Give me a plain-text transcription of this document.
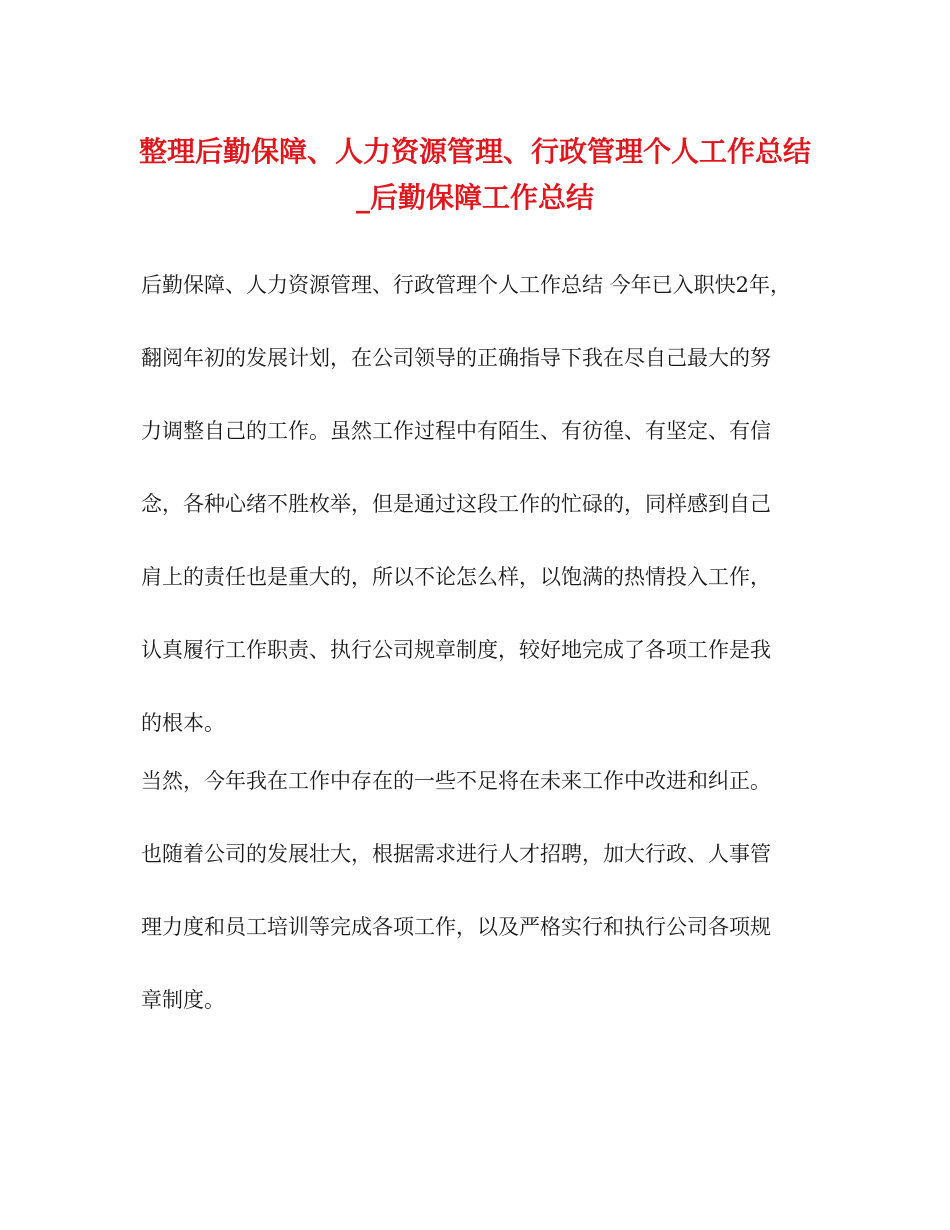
整理后勤保障、人力资源管理、行政管理个人工作总结
_后勤保障工作总结
后勤保障、人力资源管理、行政管理个人工作总结 今年已入职快2年，
翻阅年初的发展计划，在公司领导的正确指导下我在尽自己最大的努
力调整自己的工作。虽然工作过程中有陌生、有彷徨、有坚定、有信
念，各种心绪不胜枚举，但是通过这段工作的忙碌的，同样感到自己
肩上的责任也是重大的，所以不论怎么样，以饱满的热情投入工作，
认真履行工作职责、执行公司规章制度，较好地完成了各项工作是我
的根本。
当然，今年我在工作中存在的一些不足将在未来工作中改进和纠正。
也随着公司的发展壮大，根据需求进行人才招聘，加大行政、人事管
理力度和员工培训等完成各项工作，以及严格实行和执行公司各项规
章制度。
